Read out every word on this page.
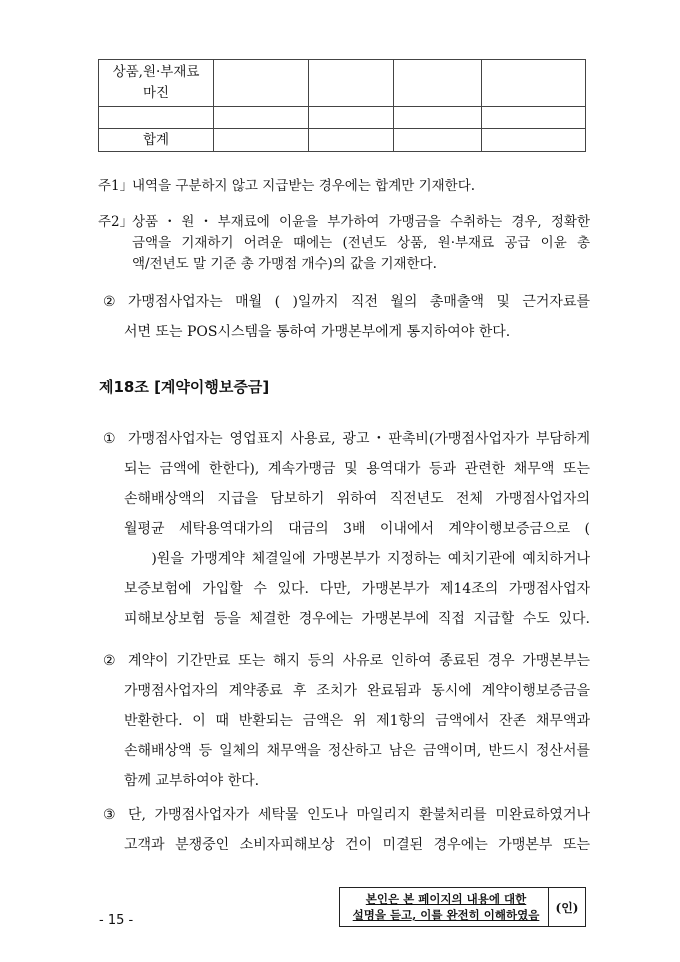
상품,원·부재료
마진				

합계				
주1」
내역을 구분하지 않고 지급받는 경우에는 합계만 기재한다.
주2」
상품・원・부재료에 이윤을 부가하여 가맹금을 수취하는 경우, 정확한
금액을 기재하기 어려운 때에는 (전년도 상품, 원·부재료 공급 이윤 총
액/전년도 말 기준 총 가맹점 개수)의 값을 기재한다.
② 가맹점사업자는 매월 ( )일까지 직전 월의 총매출액 및 근거자료를
서면 또는 POS시스템을 통하여 가맹본부에게 통지하여야 한다.
제18조 [계약이행보증금]
① 가맹점사업자는 영업표지 사용료, 광고・판촉비(가맹점사업자가 부담하게
되는 금액에 한한다), 계속가맹금 및 용역대가 등과 관련한 채무액 또는
손해배상액의 지급을 담보하기 위하여 직전년도 전체 가맹점사업자의
월평균 세탁용역대가의 대금의 3배 이내에서 계약이행보증금으로 (
)원을 가맹계약 체결일에 가맹본부가 지정하는 예치기관에 예치하거나
보증보험에 가입할 수 있다. 다만, 가맹본부가 제14조의 가맹점사업자
피해보상보험 등을 체결한 경우에는 가맹본부에 직접 지급할 수도 있다.
② 계약이 기간만료 또는 해지 등의 사유로 인하여 종료된 경우 가맹본부는
가맹점사업자의 계약종료 후 조치가 완료됨과 동시에 계약이행보증금을
반환한다. 이 때 반환되는 금액은 위 제1항의 금액에서 잔존 채무액과
손해배상액 등 일체의 채무액을 정산하고 남은 금액이며, 반드시 정산서를
함께 교부하여야 한다.
③ 단, 가맹점사업자가 세탁물 인도나 마일리지 환불처리를 미완료하였거나
고객과 분쟁중인 소비자피해보상 건이 미결된 경우에는 가맹본부 또는
- 15 -
본인은 본 페이지의 내용에 대한
설명을 듣고, 이를 완전히 이해하였음
(인)
